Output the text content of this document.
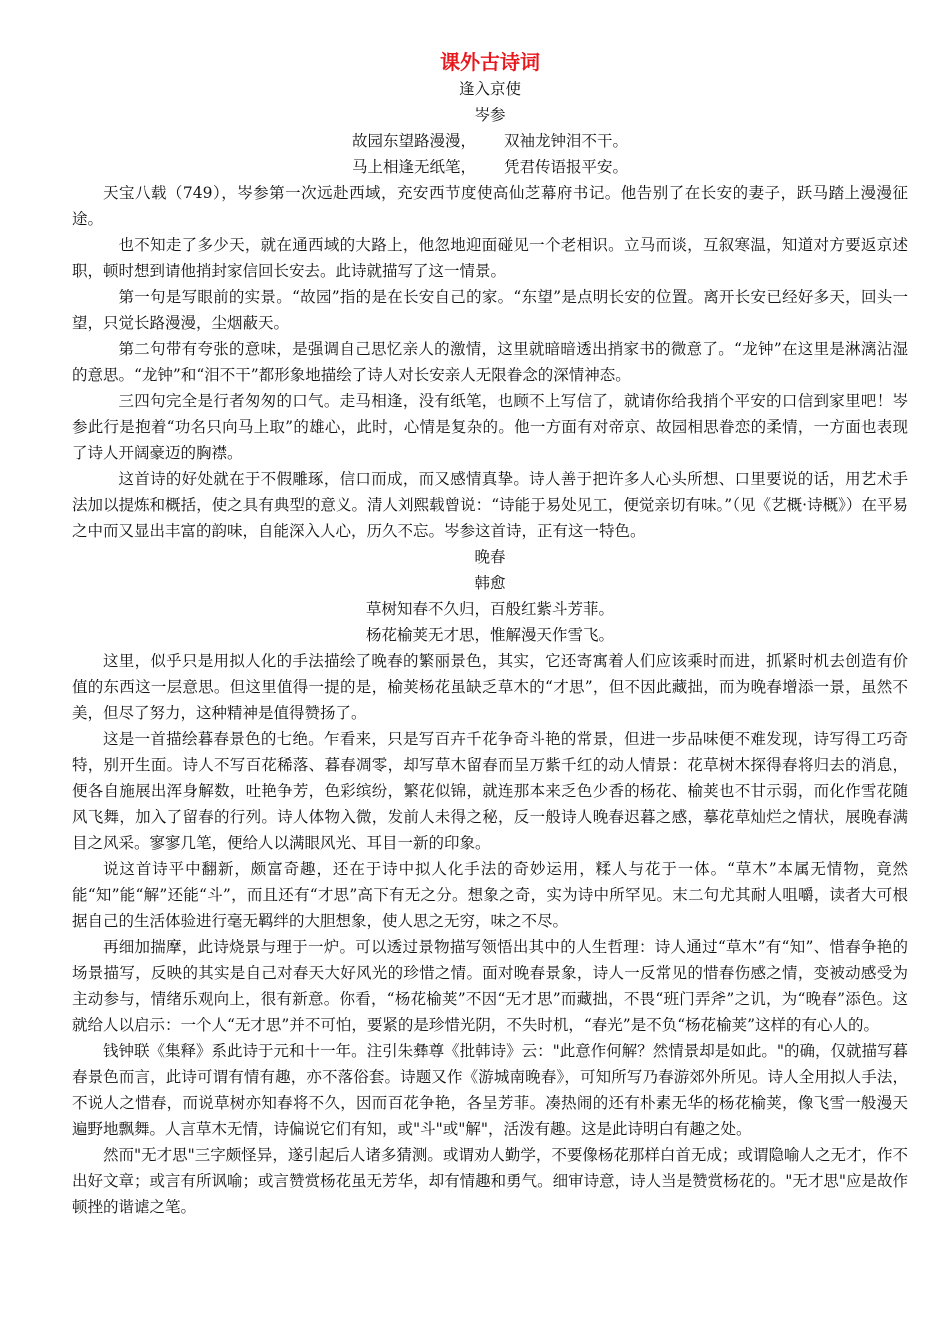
课外古诗词

逢入京使

岑参

故园东望路漫漫， 双袖龙钟泪不干。

马上相逢无纸笔， 凭君传语报平安。

天宝八载（749），岑参第一次远赴西域，充安西节度使高仙芝幕府书记。他告别了在长安的妻子，跃马踏上漫漫征途。

也不知走了多少天，就在通西域的大路上，他忽地迎面碰见一个老相识。立马而谈，互叙寒温，知道对方要返京述职，顿时想到请他捎封家信回长安去。此诗就描写了这一情景。

第一句是写眼前的实景。“故园”指的是在长安自己的家。“东望”是点明长安的位置。离开长安已经好多天，回头一望，只觉长路漫漫，尘烟蔽天。

第二句带有夸张的意味，是强调自己思忆亲人的激情，这里就暗暗透出捎家书的微意了。“龙钟”在这里是淋漓沾湿的意思。“龙钟”和“泪不干”都形象地描绘了诗人对长安亲人无限眷念的深情神态。

三四句完全是行者匆匆的口气。走马相逢，没有纸笔，也顾不上写信了，就请你给我捎个平安的口信到家里吧！岑参此行是抱着“功名只向马上取”的雄心，此时，心情是复杂的。他一方面有对帝京、故园相思眷恋的柔情，一方面也表现了诗人开阔豪迈的胸襟。

这首诗的好处就在于不假雕琢，信口而成，而又感情真挚。诗人善于把许多人心头所想、口里要说的话，用艺术手法加以提炼和概括，使之具有典型的意义。清人刘熙载曾说：“诗能于易处见工，便觉亲切有味。”（见《艺概·诗概》）在平易之中而又显出丰富的韵味，自能深入人心，历久不忘。岑参这首诗，正有这一特色。

晚春

韩愈

草树知春不久归，百般红紫斗芳菲。

杨花榆荚无才思，惟解漫天作雪飞。

这里，似乎只是用拟人化的手法描绘了晚春的繁丽景色，其实，它还寄寓着人们应该乘时而进，抓紧时机去创造有价值的东西这一层意思。但这里值得一提的是，榆荚杨花虽缺乏草木的“才思”，但不因此藏拙，而为晚春增添一景，虽然不美，但尽了努力，这种精神是值得赞扬了。

这是一首描绘暮春景色的七绝。乍看来，只是写百卉千花争奇斗艳的常景，但进一步品味便不难发现，诗写得工巧奇特，别开生面。诗人不写百花稀落、暮春凋零，却写草木留春而呈万紫千红的动人情景：花草树木探得春将归去的消息，便各自施展出浑身解数，吐艳争芳，色彩缤纷，繁花似锦，就连那本来乏色少香的杨花、榆荚也不甘示弱，而化作雪花随风飞舞，加入了留春的行列。诗人体物入微，发前人未得之秘，反一般诗人晚春迟暮之感，摹花草灿烂之情状，展晚春满目之风采。寥寥几笔，便给人以满眼风光、耳目一新的印象。

说这首诗平中翻新，颇富奇趣，还在于诗中拟人化手法的奇妙运用，糅人与花于一体。“草木”本属无情物，竟然能“知”能“解”还能“斗”，而且还有“才思”高下有无之分。想象之奇，实为诗中所罕见。末二句尤其耐人咀嚼，读者大可根据自己的生活体验进行毫无羁绊的大胆想象，使人思之无穷，味之不尽。

再细加揣摩，此诗烧景与理于一炉。可以透过景物描写领悟出其中的人生哲理：诗人通过“草木”有“知”、惜春争艳的场景描写，反映的其实是自己对春天大好风光的珍惜之情。面对晚春景象，诗人一反常见的惜春伤感之情，变被动感受为主动参与，情绪乐观向上，很有新意。你看，“杨花榆荚”不因“无才思”而藏拙，不畏“班门弄斧”之讥，为“晚春”添色。这就给人以启示：一个人“无才思”并不可怕，要紧的是珍惜光阴，不失时机，“春光”是不负“杨花榆荚”这样的有心人的。

钱钟联《集释》系此诗于元和十一年。注引朱彝尊《批韩诗》云："此意作何解？然情景却是如此。"的确，仅就描写暮春景色而言，此诗可谓有情有趣，亦不落俗套。诗题又作《游城南晚春》，可知所写乃春游郊外所见。诗人全用拟人手法，不说人之惜春，而说草树亦知春将不久，因而百花争艳，各呈芳菲。凑热闹的还有朴素无华的杨花榆荚，像飞雪一般漫天遍野地飘舞。人言草木无情，诗偏说它们有知，或"斗"或"解"，活泼有趣。这是此诗明白有趣之处。

然而"无才思"三字颇怪异，遂引起后人诸多猜测。或谓劝人勤学，不要像杨花那样白首无成；或谓隐喻人之无才，作不出好文章；或言有所讽喻；或言赞赏杨花虽无芳华，却有情趣和勇气。细审诗意，诗人当是赞赏杨花的。"无才思"应是故作顿挫的谐谑之笔。
